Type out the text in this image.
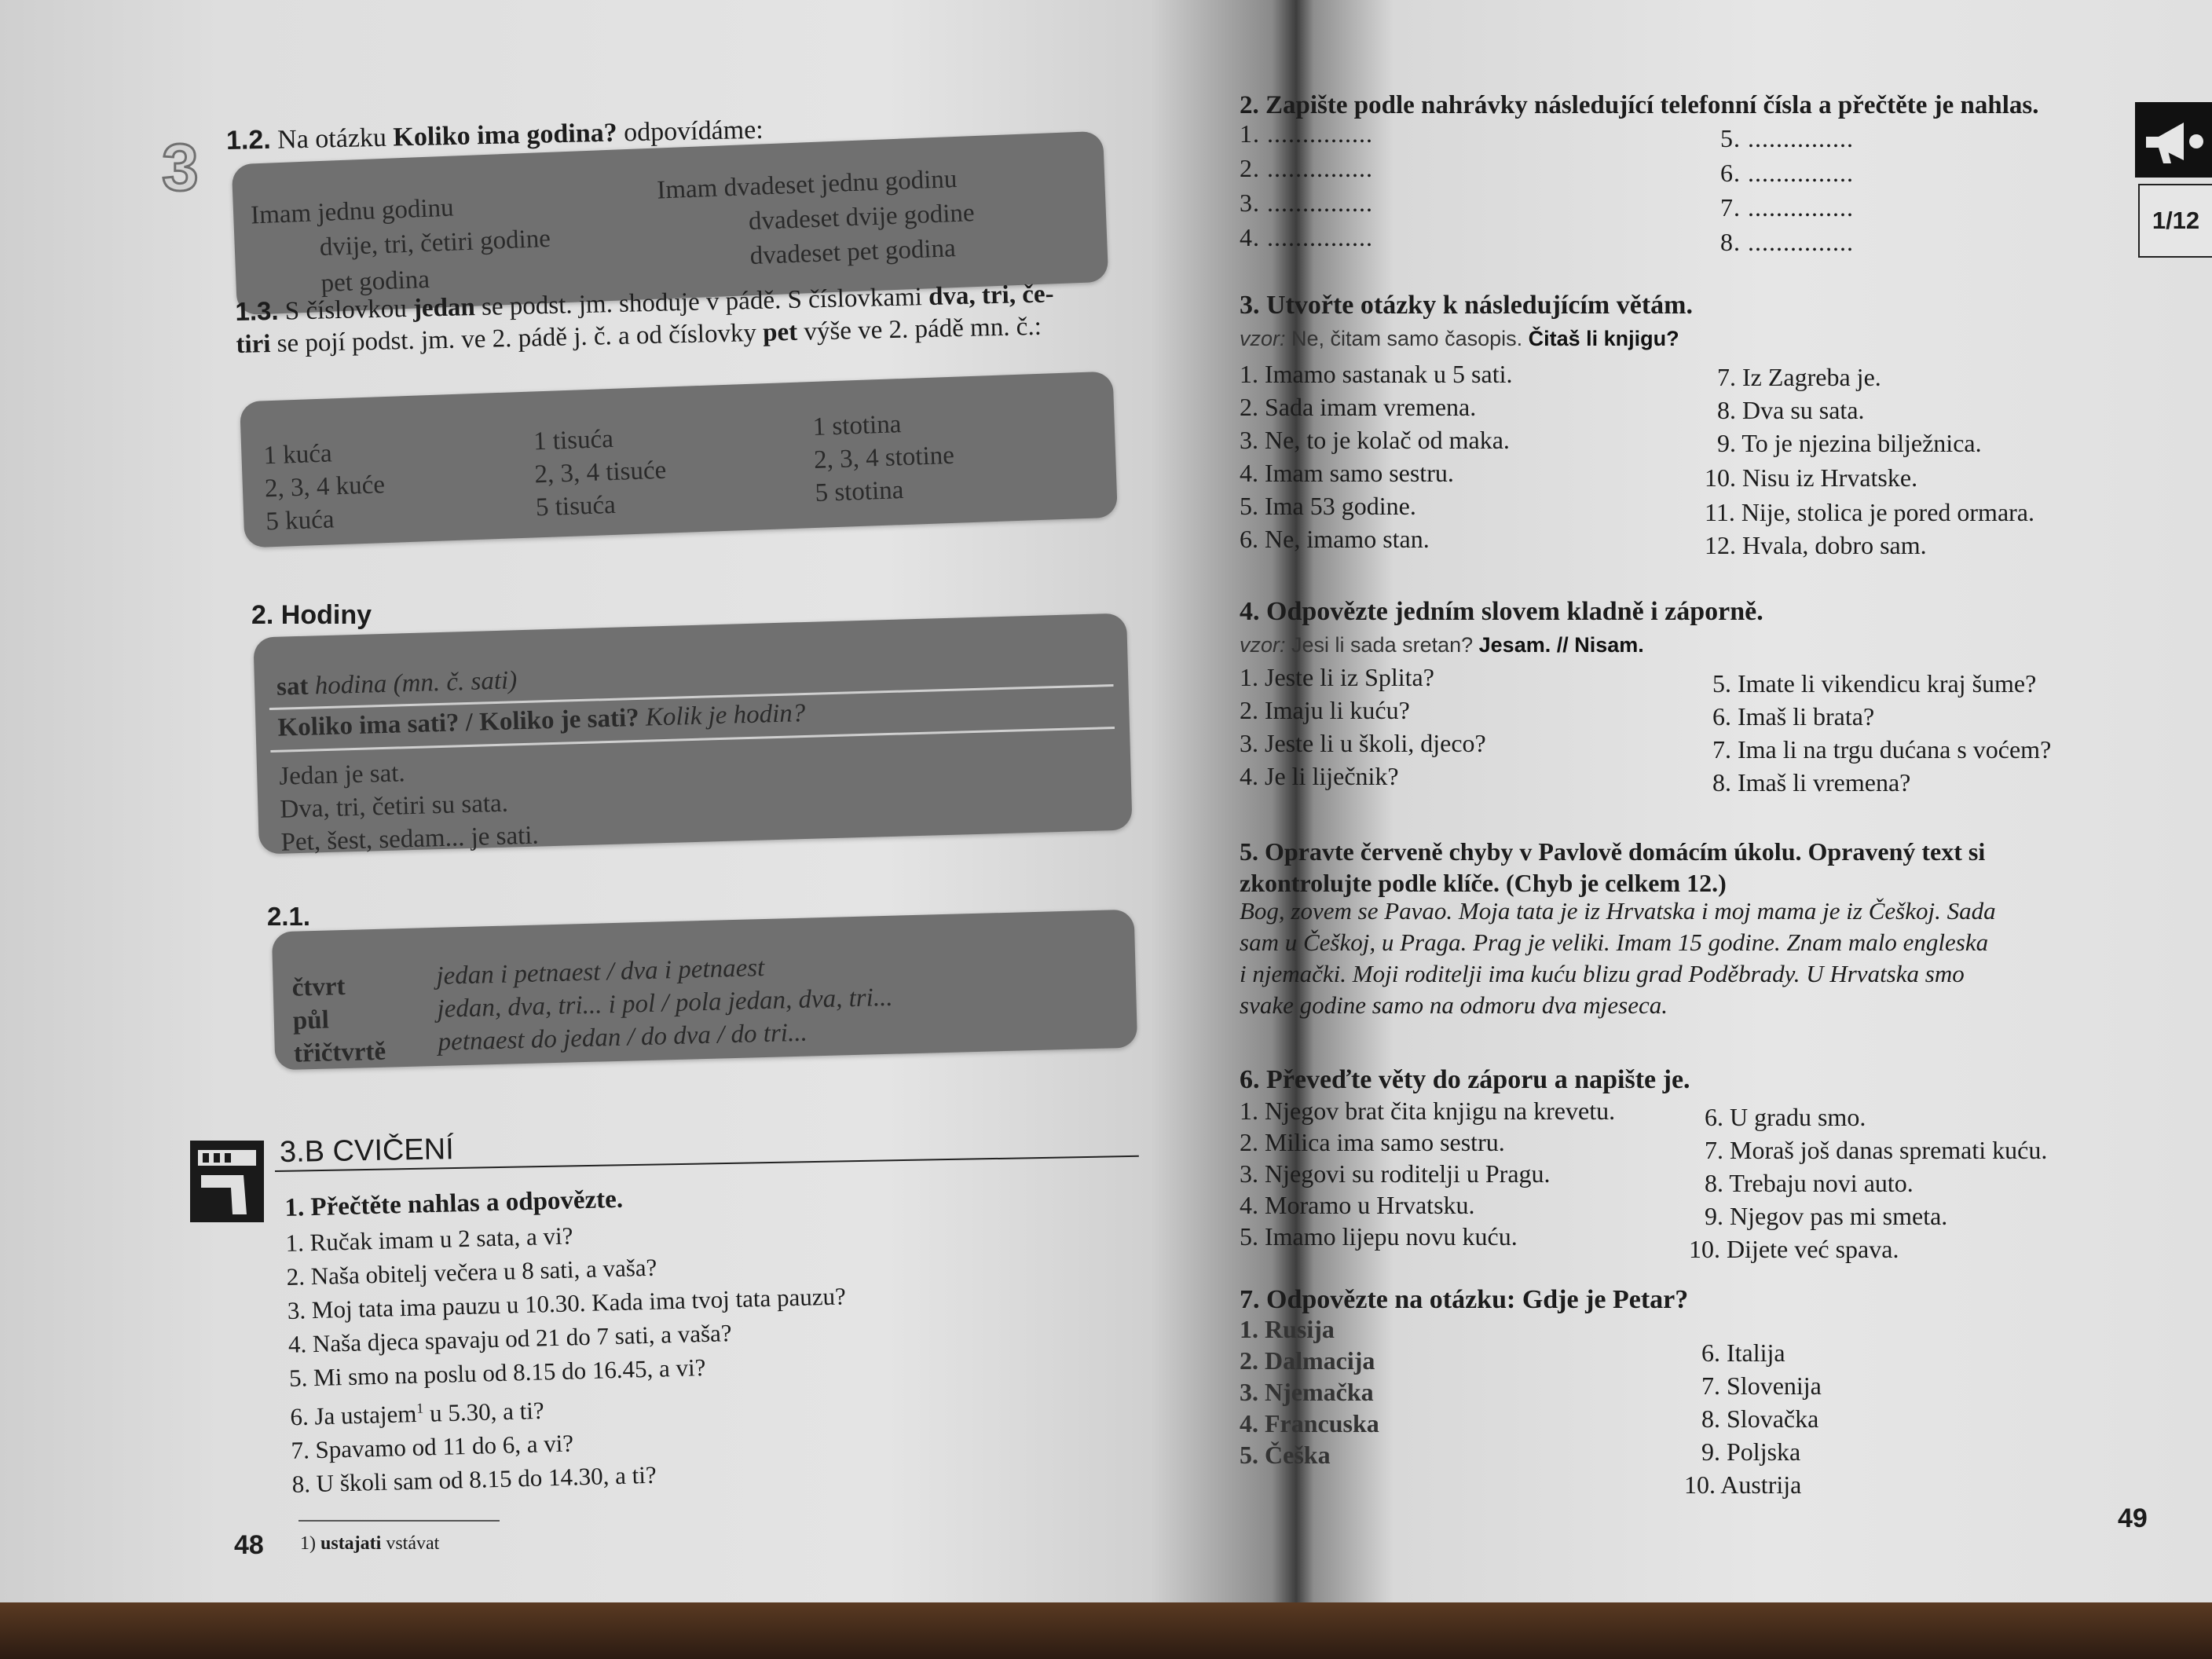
3 1.2. Na otázku Koliko ima godina? odpovídáme:
Imam jednu godinu
dvije, tri, četiri godine
pet godina
Imam dvadeset jednu godinu
dvadeset dvije godine
dvadeset pet godina
1.3. S číslovkou jedan se podst. jm. shoduje v pádě. S číslovkami dva, tri, če-
tiri se pojí podst. jm. ve 2. pádě j. č. a od číslovky pet výše ve 2. pádě mn. č.:
1 kuća
2, 3, 4 kuće
5 kuća
1 tisuća
2, 3, 4 tisuće
5 tisuća
1 stotina
2, 3, 4 stotine
5 stotina
2. Hodiny
sat hodina (mn. č. sati)
Koliko ima sati? / Koliko je sati? Kolik je hodin?
Jedan je sat.
Dva, tri, četiri su sata.
Pet, šest, sedam... je sati.
2.1.
čtvrt
půl
třičtvrtě
jedan i petnaest / dva i petnaest
jedan, dva, tri... i pol / pola jedan, dva, tri...
petnaest do jedan / do dva / do tri...
3.B CVIČENÍ
1. Přečtěte nahlas a odpovězte.
1. Ručak imam u 2 sata, a vi?
2. Naša obitelj večera u 8 sati, a vaša?
3. Moj tata ima pauzu u 10.30. Kada ima tvoj tata pauzu?
4. Naša djeca spavaju od 21 do 7 sati, a vaša?
5. Mi smo na poslu od 8.15 do 16.45, a vi?
6. Ja ustajem$^1$ u 5.30, a ti?
7. Spavamo od 11 do 6, a vi?
8. U školi sam od 8.15 do 14.30, a ti?
48 1) ustajati vstávat
2. Zapište podle nahrávky následující telefonní čísla a přečtěte je nahlas.
1. ...............
2. ...............
3. ...............
4. ...............
5. ...............
6. ...............
7. ...............
8. ...............
1/12
3. Utvořte otázky k následujícím větám.
vzor: Ne, čitam samo časopis. Čitaš li knjigu?
1. Imamo sastanak u 5 sati.
2. Sada imam vremena.
3. Ne, to je kolač od maka.
4. Imam samo sestru.
5. Ima 53 godine.
6. Ne, imamo stan.
7. Iz Zagreba je.
8. Dva su sata.
9. To je njezina bilježnica.
10. Nisu iz Hrvatske.
11. Nije, stolica je pored ormara.
12. Hvala, dobro sam.
4. Odpovězte jedním slovem kladně i záporně.
vzor: Jesi li sada sretan? Jesam. // Nisam.
1. Jeste li iz Splita?
2. Imaju li kuću?
3. Jeste li u školi, djeco?
4. Je li liječnik?
5. Imate li vikendicu kraj šume?
6. Imaš li brata?
7. Ima li na trgu dućana s voćem?
8. Imaš li vremena?
5. Opravte červeně chyby v Pavlově domácím úkolu. Opravený text si
zkontrolujte podle klíče. (Chyb je celkem 12.)
Bog, zovem se Pavao. Moja tata je iz Hrvatska i moj mama je iz Češkoj. Sada
sam u Češkoj, u Praga. Prag je veliki. Imam 15 godine. Znam malo engleska
i njemački. Moji roditelji ima kuću blizu grad Poděbrady. U Hrvatska smo
svake godine samo na odmoru dva mjeseca.
6. Převeďte věty do záporu a napište je.
1. Njegov brat čita knjigu na krevetu.
2. Milica ima samo sestru.
3. Njegovi su roditelji u Pragu.
4. Moramo u Hrvatsku.
5. Imamo lijepu novu kuću.
6. U gradu smo.
7. Moraš još danas spremati kuću.
8. Trebaju novi auto.
9. Njegov pas mi smeta.
10. Dijete već spava.
7. Odpovězte na otázku: Gdje je Petar?
1. Rusija
2. Dalmacija
3. Njemačka
4. Francuska
5. Češka
6. Italija
7. Slovenija
8. Slovačka
9. Poljska
10. Austrija
49
